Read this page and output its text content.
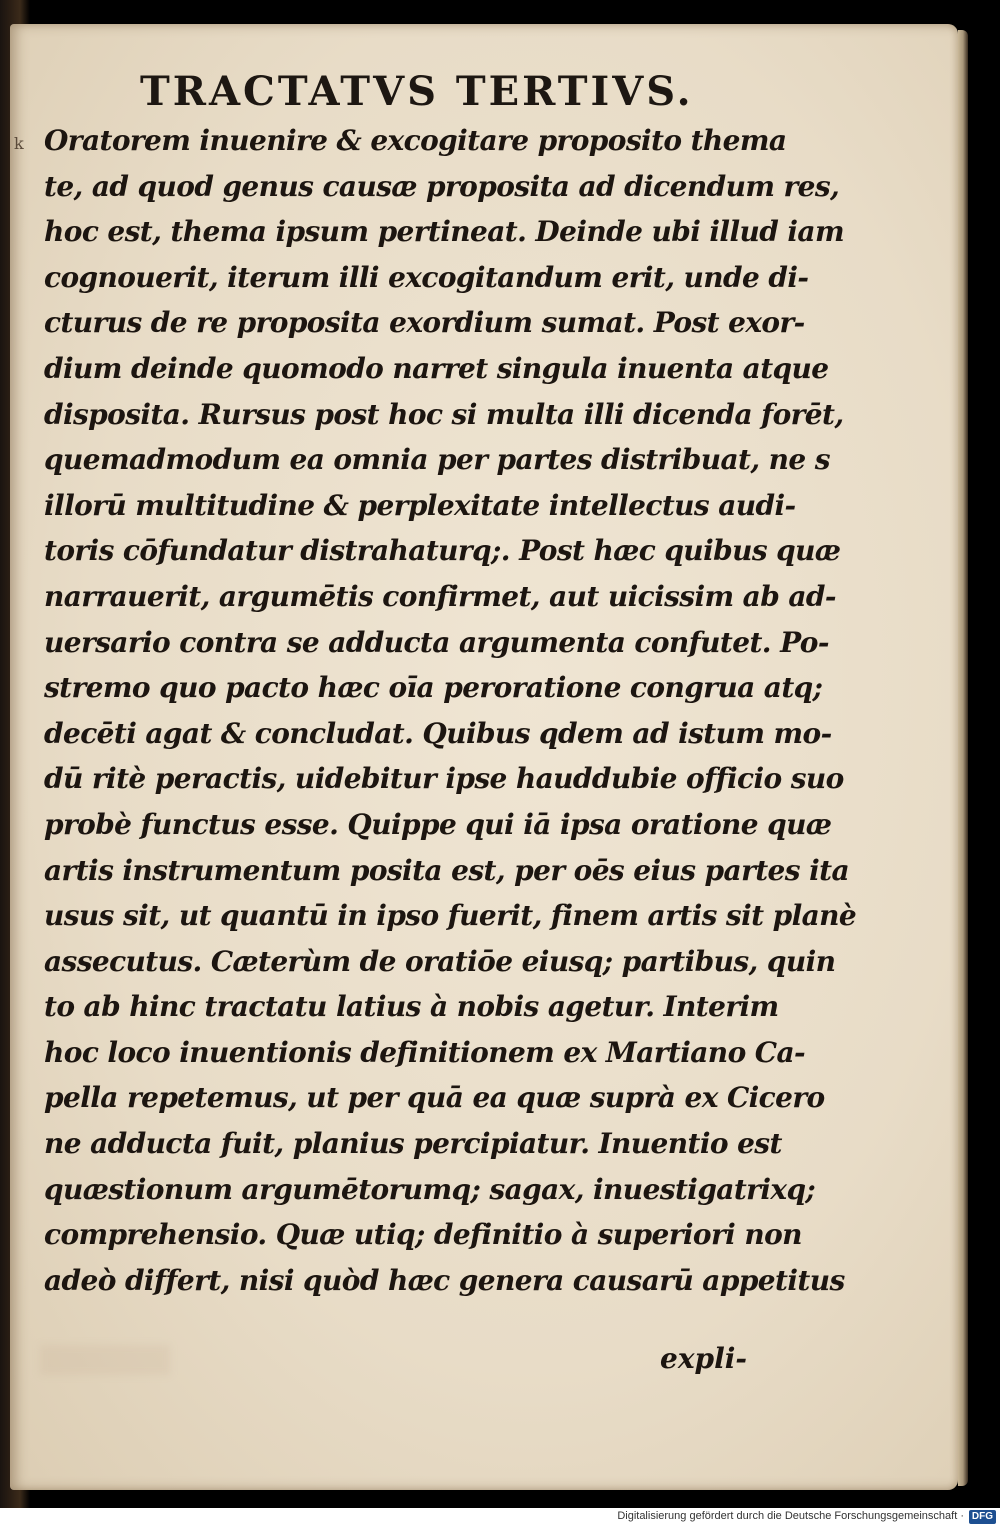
TRACTATVS TERTIVS.
k Oratorem inuenire & excogitare proposito thema
te, ad quod genus causæ proposita ad dicendum res,
hoc est, thema ipsum pertineat. Deinde ubi illud iam
cognouerit, iterum illi excogitandum erit, unde di-
cturus de re proposita exordium sumat. Post exor-
dium deinde quomodo narret singula inuenta atque
disposita. Rursus post hoc si multa illi dicenda forēt,
quemadmodum ea omnia per partes distribuat, ne s
illorū multitudine & perplexitate intellectus audi-
toris cōfundatur distrahaturq;. Post hæc quibus quæ
narrauerit, argumētis confirmet, aut uicissim ab ad-
uersario contra se adducta argumenta confutet. Po-
stremo quo pacto hæc oīa peroratione congrua atq;
decēti agat & concludat. Quibus qdem ad istum mo-
dū ritè peractis, uidebitur ipse hauddubie officio suo
probè functus esse. Quippe qui iā ipsa oratione quæ
artis instrumentum posita est, per oēs eius partes ita
usus sit, ut quantū in ipso fuerit, finem artis sit planè
assecutus. Cæterùm de oratiōe eiusq; partibus, quin
to ab hinc tractatu latius à nobis agetur. Interim
hoc loco inuentionis definitionem ex Martiano Ca-
pella repetemus, ut per quā ea quæ suprà ex Cicero
ne adducta fuit, planius percipiatur. Inuentio est
quæstionum argumētorumq; sagax, inuestigatrixq;
comprehensio. Quæ utiq; definitio à superiori non
adeò differt, nisi quòd hæc genera causarū appetitus
expli-
Digitalisierung gefördert durch die Deutsche Forschungsgemeinschaft · DFG
